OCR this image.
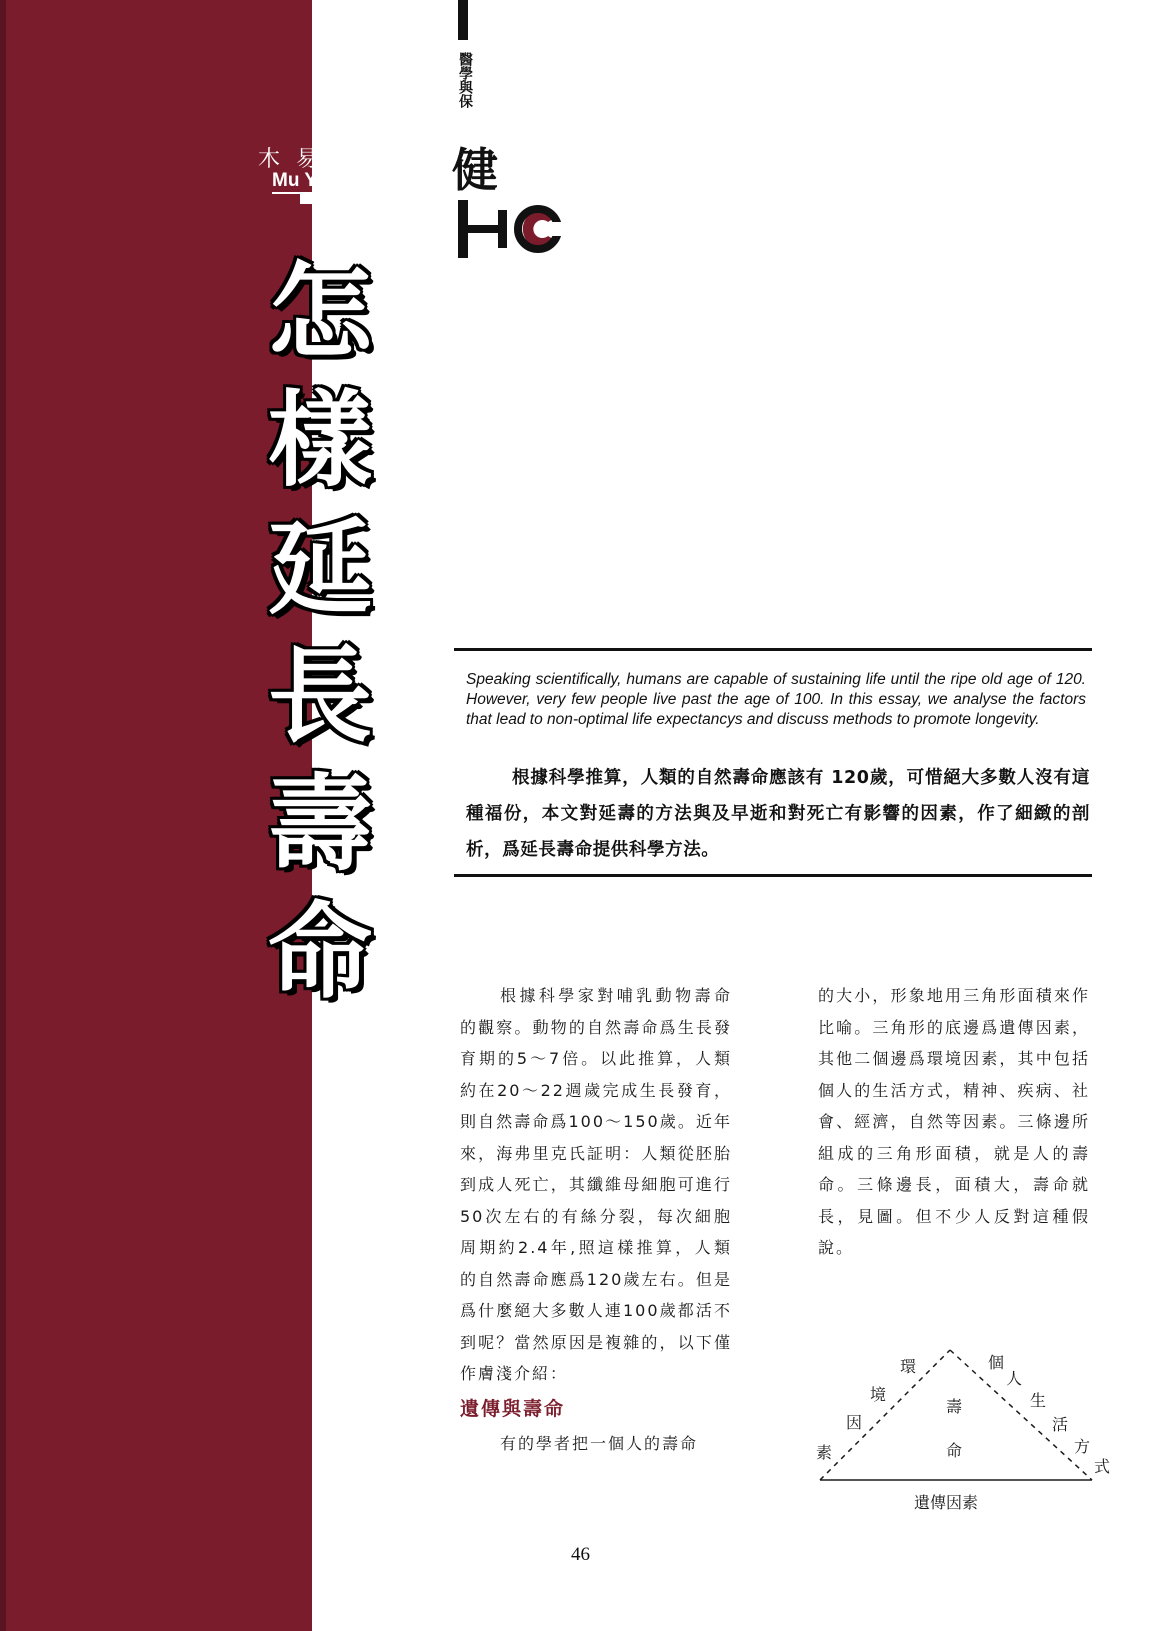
木易雁
Mu Yi Yan
怎
樣
延
長
壽
命
醫學與保
健
Speaking scientifically, humans are capable of sustaining life until the ripe old age of 120. However, very few people live past the age of 100. In this essay, we analyse the factors that lead to non-optimal life expectancys and discuss methods to promote longevity.
根據科學推算，人類的自然壽命應該有 120歲，可惜絕大多數人沒有這種福份，本文對延壽的方法與及早逝和對死亡有影響的因素，作了細緻的剖析，爲延長壽命提供科學方法。

根據科學家對哺乳動物壽命的觀察。動物的自然壽命爲生長發育期的5～7倍。以此推算，人類約在20～22週歲完成生長發育，則自然壽命爲100～150歲。近年來，海弗里克氏証明：人類從胚胎到成人死亡，其纖維母細胞可進行50次左右的有絲分裂，每次細胞周期約2.4年,照這樣推算，人類的自然壽命應爲120歲左右。但是爲什麼絕大多數人連100歲都活不到呢？當然原因是複雜的，以下僅作膚淺介紹：

遺傳與壽命

有的學者把一個人的壽命

的大小，形象地用三角形面積來作比喻。三角形的底邊爲遺傳因素，其他二個邊爲環境因素，其中包括個人的生活方式，精神、疾病、社會、經濟，自然等因素。三條邊所組成的三角形面積，就是人的壽命。三條邊長，面積大，壽命就長，見圖。但不少人反對這種假說。

環
境
因
素
個
人
生
活
方
式
壽
命
遺傳因素
46
